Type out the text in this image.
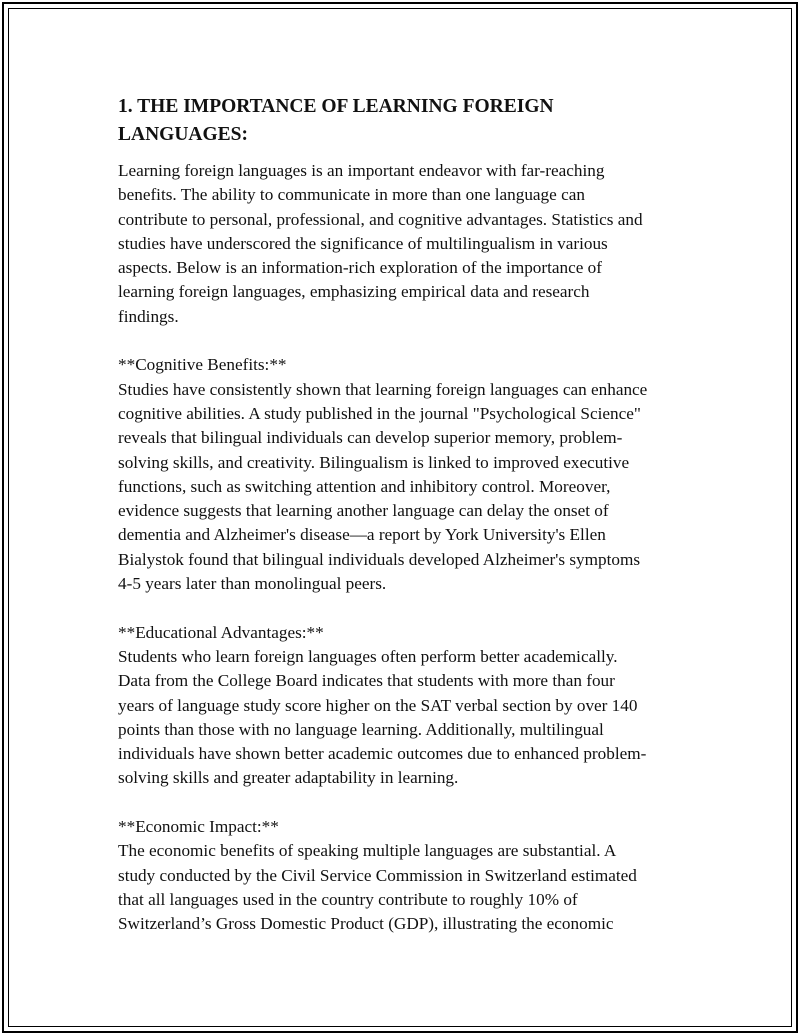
1. THE IMPORTANCE OF LEARNING FOREIGN
LANGUAGES:

Learning foreign languages is an important endeavor with far-reaching
benefits. The ability to communicate in more than one language can
contribute to personal, professional, and cognitive advantages. Statistics and
studies have underscored the significance of multilingualism in various
aspects. Below is an information-rich exploration of the importance of
learning foreign languages, emphasizing empirical data and research
findings.

**Cognitive Benefits:**

Studies have consistently shown that learning foreign languages can enhance
cognitive abilities. A study published in the journal "Psychological Science"
reveals that bilingual individuals can develop superior memory, problem-
solving skills, and creativity. Bilingualism is linked to improved executive
functions, such as switching attention and inhibitory control. Moreover,
evidence suggests that learning another language can delay the onset of
dementia and Alzheimer's disease—a report by York University's Ellen
Bialystok found that bilingual individuals developed Alzheimer's symptoms
4-5 years later than monolingual peers.

**Educational Advantages:**

Students who learn foreign languages often perform better academically.
Data from the College Board indicates that students with more than four
years of language study score higher on the SAT verbal section by over 140
points than those with no language learning. Additionally, multilingual
individuals have shown better academic outcomes due to enhanced problem-
solving skills and greater adaptability in learning.

**Economic Impact:**

The economic benefits of speaking multiple languages are substantial. A
study conducted by the Civil Service Commission in Switzerland estimated
that all languages used in the country contribute to roughly 10% of
Switzerland’s Gross Domestic Product (GDP), illustrating the economic
